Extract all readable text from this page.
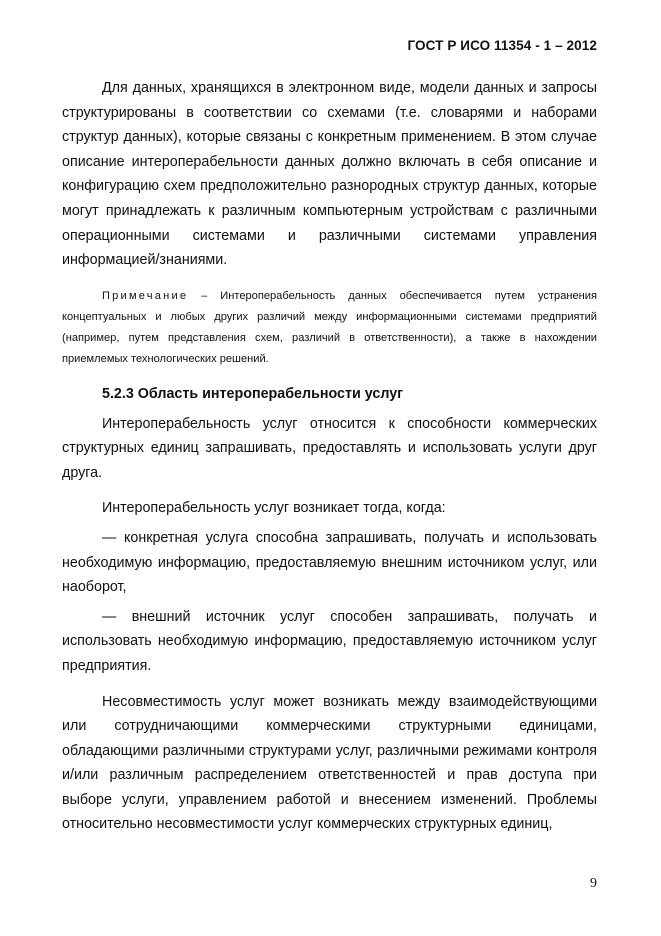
ГОСТ Р ИСО 11354 - 1 – 2012

Для данных, хранящихся в электронном виде, модели данных и запросы структурированы в соответствии со схемами (т.е. словарями и наборами структур данных), которые связаны с конкретным применением. В этом случае описание интероперабельности данных должно включать в себя описание и конфигурацию схем предположительно разнородных структур данных, которые могут принадлежать к различным компьютерным устройствам с различными операционными системами и различными системами управления информацией/знаниями.

Примечание – Интероперабельность данных обеспечивается путем устранения концептуальных и любых других различий между информационными системами предприятий (например, путем представления схем, различий в ответственности), а также в нахождении приемлемых технологических решений.

5.2.3 Область интероперабельности услуг

Интероперабельность услуг относится к способности коммерческих структурных единиц запрашивать, предоставлять и использовать услуги друг друга.

Интероперабельность услуг возникает тогда, когда:

— конкретная услуга способна запрашивать, получать и использовать необходимую информацию, предоставляемую внешним источником услуг, или наоборот,

— внешний источник услуг способен запрашивать, получать и использовать необходимую информацию, предоставляемую источником услуг предприятия.

Несовместимость услуг может возникать между взаимодействующими или сотрудничающими коммерческими структурными единицами, обладающими различными структурами услуг, различными режимами контроля и/или различным распределением ответственностей и прав доступа при выборе услуги, управлением работой и внесением изменений. Проблемы относительно несовместимости услуг коммерческих структурных единиц,

9
